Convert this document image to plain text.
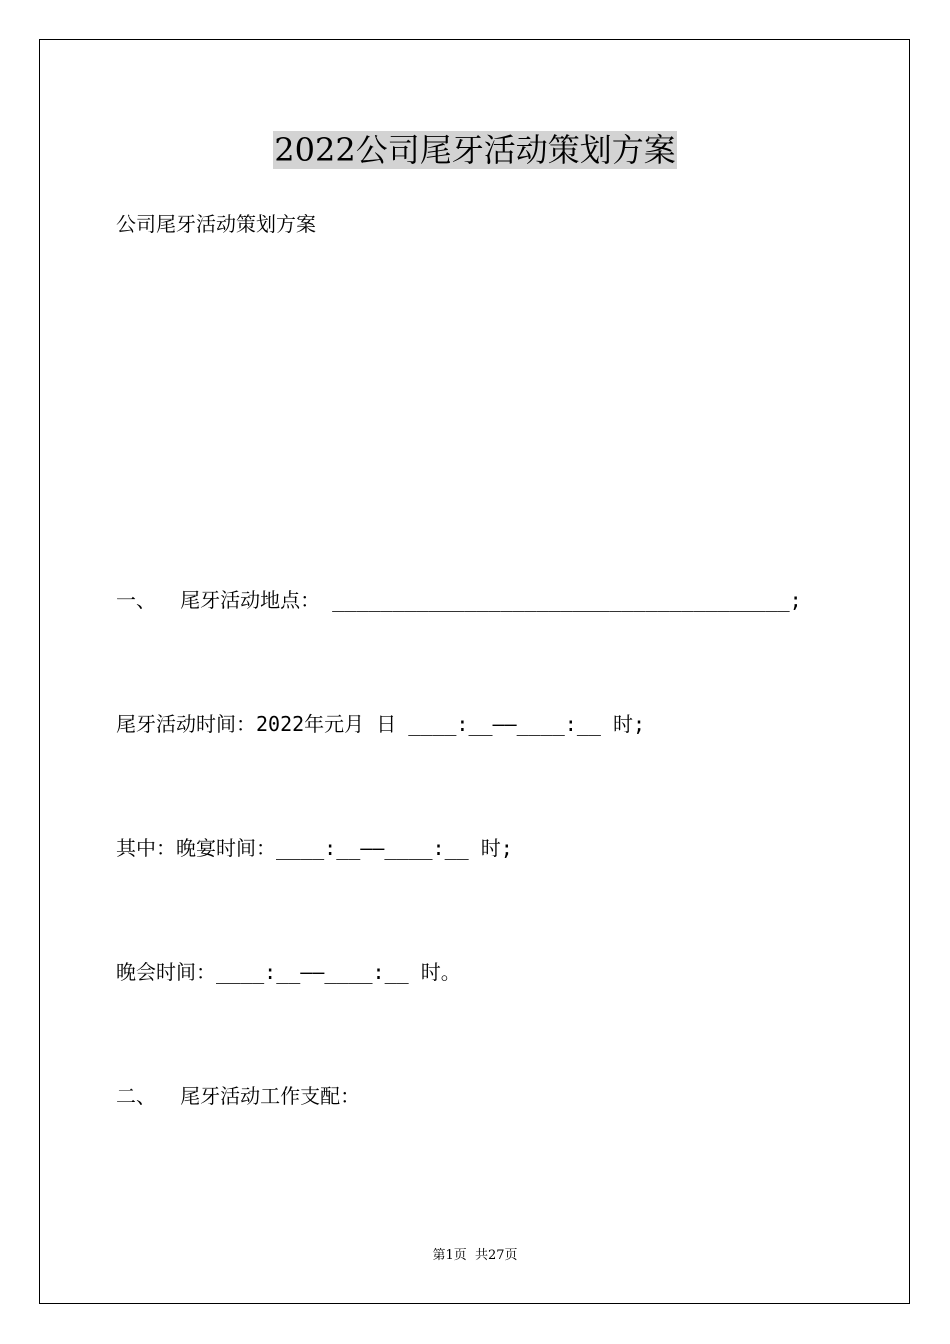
2022公司尾牙活动策划方案
公司尾牙活动策划方案
一、  尾牙活动地点： ______________________________________;
尾牙活动时间：2022年元月 日 ____:__——____:__ 时;
其中：晚宴时间：____:__——____:__ 时;
晚会时间：____:__——____:__ 时。
二、  尾牙活动工作支配：
第1页  共27页
